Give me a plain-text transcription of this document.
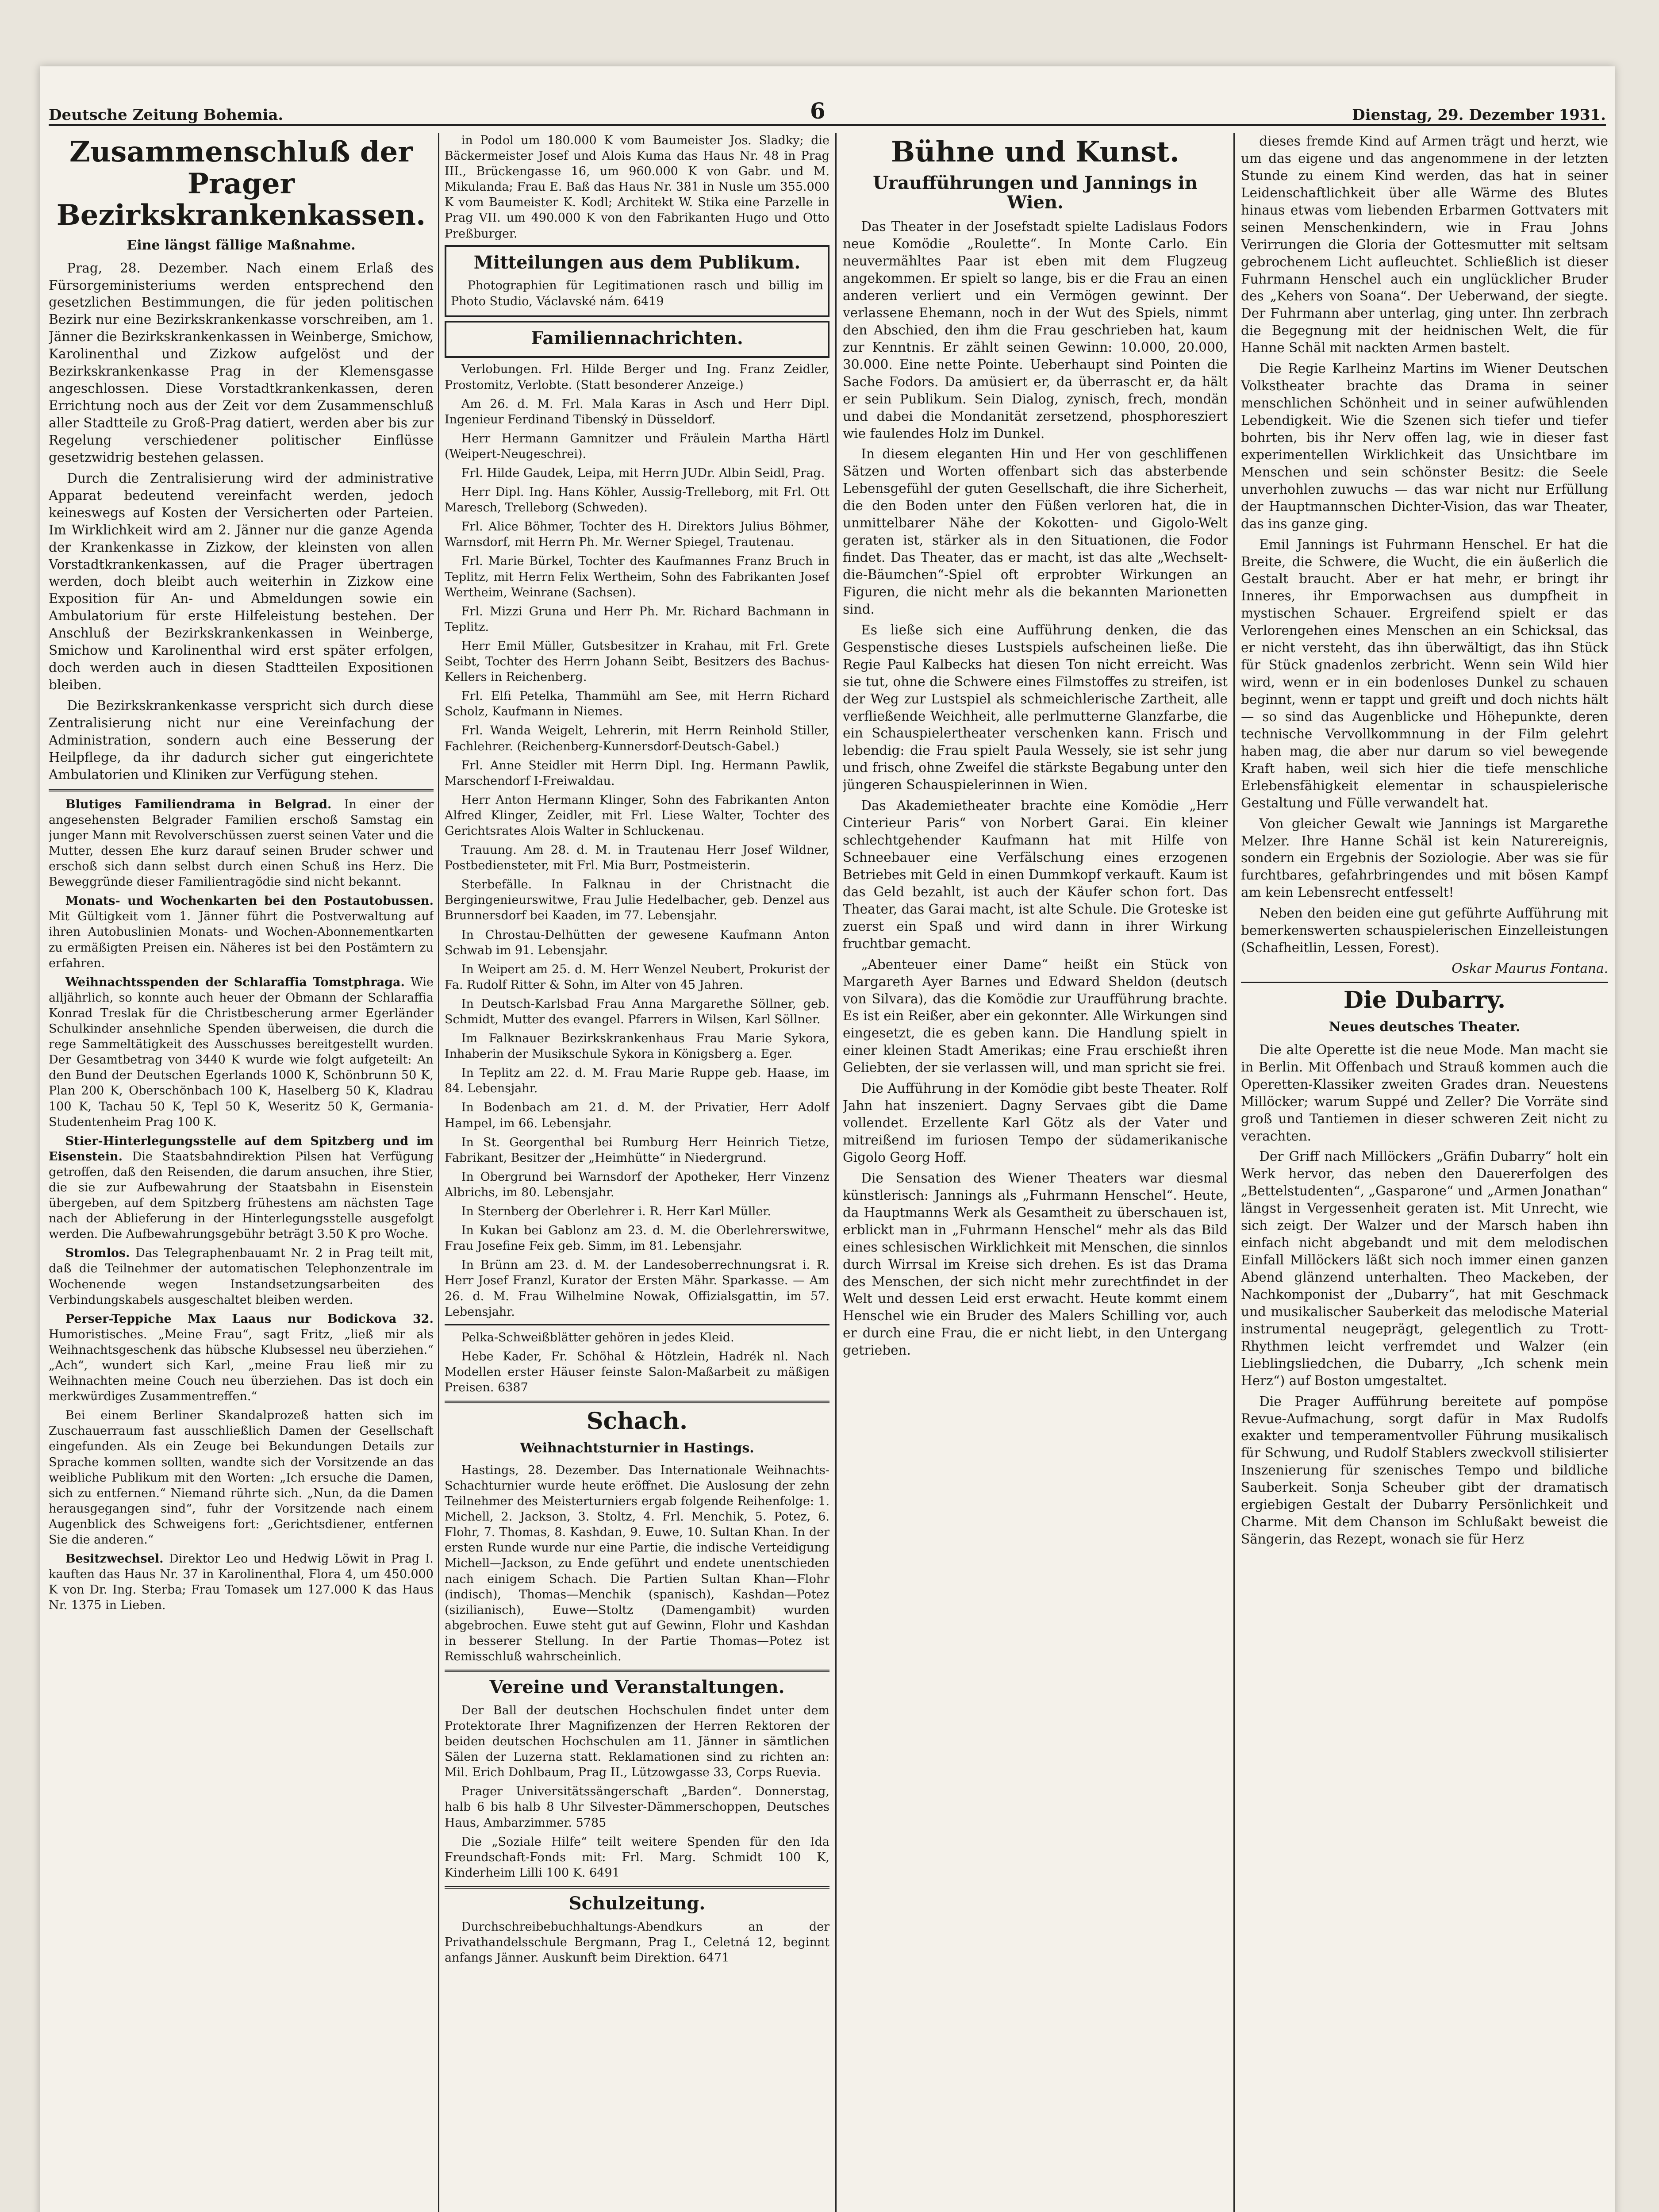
Deutsche Zeitung Bohemia.	6	Dienstag, 29. Dezember 1931.
Zusammenschluß der Prager Bezirkskrankenkassen.
Eine längst fällige Maßnahme.

Prag, 28. Dezember. Nach einem Erlaß des Fürsorgeministeriums werden entsprechend den gesetzlichen Bestimmungen, die für jeden politischen Bezirk nur eine Bezirkskrankenkasse vorschreiben, am 1. Jänner die Bezirkskrankenkassen in Weinberge, Smichow, Karolinenthal und Zizkow aufgelöst und der Bezirkskrankenkasse Prag in der Klemensgasse angeschlossen. Diese Vorstadtkrankenkassen, deren Errichtung noch aus der Zeit vor dem Zusammenschluß aller Stadtteile zu Groß-Prag datiert, werden aber bis zur Regelung verschiedener politischer Einflüsse gesetzwidrig bestehen gelassen.

Durch die Zentralisierung wird der administrative Apparat bedeutend vereinfacht werden, jedoch keineswegs auf Kosten der Versicherten oder Parteien. Im Wirklichkeit wird am 2. Jänner nur die ganze Agenda der Krankenkasse in Zizkow, der kleinsten von allen Vorstadtkrankenkassen, auf die Prager übertragen werden, doch bleibt auch weiterhin in Zizkow eine Exposition für An- und Abmeldungen sowie ein Ambulatorium für erste Hilfeleistung bestehen. Der Anschluß der Bezirkskrankenkassen in Weinberge, Smichow und Karolinenthal wird erst später erfolgen, doch werden auch in diesen Stadtteilen Expositionen bleiben.

Die Bezirkskrankenkasse verspricht sich durch diese Zentralisierung nicht nur eine Vereinfachung der Administration, sondern auch eine Besserung der Heilpflege, da ihr dadurch sicher gut eingerichtete Ambulatorien und Kliniken zur Verfügung stehen.

Blutiges Familiendrama in Belgrad. In einer der angesehensten Belgrader Familien erschoß Samstag ein junger Mann mit Revolverschüssen zuerst seinen Vater und die Mutter, dessen Ehe kurz darauf seinen Bruder schwer und erschoß sich dann selbst durch einen Schuß ins Herz. Die Beweggründe dieser Familientragödie sind nicht bekannt.

Monats- und Wochenkarten bei den Postautobussen. Mit Gültigkeit vom 1. Jänner führt die Postverwaltung auf ihren Autobuslinien Monats- und Wochen-Abonnementkarten zu ermäßigten Preisen ein. Näheres ist bei den Postämtern zu erfahren.

Weihnachtsspenden der Schlaraffia Tomstphraga. Wie alljährlich, so konnte auch heuer der Obmann der Schlaraffia Konrad Treslak für die Christbescherung armer Egerländer Schulkinder ansehnliche Spenden überweisen, die durch die rege Sammeltätigkeit des Ausschusses bereitgestellt wurden. Der Gesamtbetrag von 3440 K wurde wie folgt aufgeteilt: An den Bund der Deutschen Egerlands 1000 K, Schönbrunn 50 K, Plan 200 K, Oberschönbach 100 K, Haselberg 50 K, Kladrau 100 K, Tachau 50 K, Tepl 50 K, Weseritz 50 K, Germania-Studentenheim Prag 100 K.

Stier-Hinterlegungsstelle auf dem Spitzberg und im Eisenstein. Die Staatsbahndirektion Pilsen hat Verfügung getroffen, daß den Reisenden, die darum ansuchen, ihre Stier, die sie zur Aufbewahrung der Staatsbahn in Eisenstein übergeben, auf dem Spitzberg frühestens am nächsten Tage nach der Ablieferung in der Hinterlegungsstelle ausgefolgt werden. Die Aufbewahrungsgebühr beträgt 3.50 K pro Woche.

Stromlos. Das Telegraphenbauamt Nr. 2 in Prag teilt mit, daß die Teilnehmer der automatischen Telephonzentrale im Wochenende wegen Instandsetzungsarbeiten des Verbindungskabels ausgeschaltet bleiben werden.

Perser-Teppiche Max Laaus nur Bodickova 32. Humoristisches. „Meine Frau“, sagt Fritz, „ließ mir als Weihnachtsgeschenk das hübsche Klubsessel neu überziehen.“ „Ach“, wundert sich Karl, „meine Frau ließ mir zu Weihnachten meine Couch neu überziehen. Das ist doch ein merkwürdiges Zusammentreffen.“

Bei einem Berliner Skandalprozeß hatten sich im Zuschauerraum fast ausschließlich Damen der Gesellschaft eingefunden. Als ein Zeuge bei Bekundungen Details zur Sprache kommen sollten, wandte sich der Vorsitzende an das weibliche Publikum mit den Worten: „Ich ersuche die Damen, sich zu entfernen.“ Niemand rührte sich. „Nun, da die Damen herausgegangen sind“, fuhr der Vorsitzende nach einem Augenblick des Schweigens fort: „Gerichtsdiener, entfernen Sie die anderen.“

Besitzwechsel. Direktor Leo und Hedwig Löwit in Prag I. kauften das Haus Nr. 37 in Karolinenthal, Flora 4, um 450.000 K von Dr. Ing. Sterba; Frau Tomasek um 127.000 K das Haus Nr. 1375 in Lieben.

in Podol um 180.000 K vom Baumeister Jos. Sladky; die Bäckermeister Josef und Alois Kuma das Haus Nr. 48 in Prag III., Brückengasse 16, um 960.000 K von Gabr. und M. Mikulanda; Frau E. Baß das Haus Nr. 381 in Nusle um 355.000 K vom Baumeister K. Kodl; Architekt W. Stika eine Parzelle in Prag VII. um 490.000 K von den Fabrikanten Hugo und Otto Preßburger.

Mitteilungen aus dem Publikum.

Photographien für Legitimationen rasch und billig im Photo Studio, Václavské nám. 6419

Familiennachrichten.

Verlobungen. Frl. Hilde Berger und Ing. Franz Zeidler, Prostomitz, Verlobte. (Statt besonderer Anzeige.)

Am 26. d. M. Frl. Mala Karas in Asch und Herr Dipl. Ingenieur Ferdinand Tibenský in Düsseldorf.

Herr Hermann Gamnitzer und Fräulein Martha Härtl (Weipert-Neugeschrei).

Frl. Hilde Gaudek, Leipa, mit Herrn JUDr. Albin Seidl, Prag.

Herr Dipl. Ing. Hans Köhler, Aussig-Trelleborg, mit Frl. Ott Maresch, Trelleborg (Schweden).

Frl. Alice Böhmer, Tochter des H. Direktors Julius Böhmer, Warnsdorf, mit Herrn Ph. Mr. Werner Spiegel, Trautenau.

Frl. Marie Bürkel, Tochter des Kaufmannes Franz Bruch in Teplitz, mit Herrn Felix Wertheim, Sohn des Fabrikanten Josef Wertheim, Weinrane (Sachsen).

Frl. Mizzi Gruna und Herr Ph. Mr. Richard Bachmann in Teplitz.

Herr Emil Müller, Gutsbesitzer in Krahau, mit Frl. Grete Seibt, Tochter des Herrn Johann Seibt, Besitzers des Bachus-Kellers in Reichenberg.

Frl. Elfi Petelka, Thammühl am See, mit Herrn Richard Scholz, Kaufmann in Niemes.

Frl. Wanda Weigelt, Lehrerin, mit Herrn Reinhold Stiller, Fachlehrer. (Reichenberg-Kunnersdorf-Deutsch-Gabel.)

Frl. Anne Steidler mit Herrn Dipl. Ing. Hermann Pawlik, Marschendorf I-Freiwaldau.

Herr Anton Hermann Klinger, Sohn des Fabrikanten Anton Alfred Klinger, Zeidler, mit Frl. Liese Walter, Tochter des Gerichtsrates Alois Walter in Schluckenau.

Trauung. Am 28. d. M. in Trautenau Herr Josef Wildner, Postbediensteter, mit Frl. Mia Burr, Postmeisterin.

Sterbefälle. In Falknau in der Christnacht die Bergingenieurswitwe, Frau Julie Hedelbacher, geb. Denzel aus Brunnersdorf bei Kaaden, im 77. Lebensjahr.

In Chrostau-Delhütten der gewesene Kaufmann Anton Schwab im 91. Lebensjahr.

In Weipert am 25. d. M. Herr Wenzel Neubert, Prokurist der Fa. Rudolf Ritter & Sohn, im Alter von 45 Jahren.

In Deutsch-Karlsbad Frau Anna Margarethe Söllner, geb. Schmidt, Mutter des evangel. Pfarrers in Wilsen, Karl Söllner.

Im Falknauer Bezirkskrankenhaus Frau Marie Sykora, Inhaberin der Musikschule Sykora in Königsberg a. Eger.

In Teplitz am 22. d. M. Frau Marie Ruppe geb. Haase, im 84. Lebensjahr.

In Bodenbach am 21. d. M. der Privatier, Herr Adolf Hampel, im 66. Lebensjahr.

In St. Georgenthal bei Rumburg Herr Heinrich Tietze, Fabrikant, Besitzer der „Heimhütte“ in Niedergrund.

In Obergrund bei Warnsdorf der Apotheker, Herr Vinzenz Albrichs, im 80. Lebensjahr.

In Sternberg der Oberlehrer i. R. Herr Karl Müller.

In Kukan bei Gablonz am 23. d. M. die Oberlehrerswitwe, Frau Josefine Feix geb. Simm, im 81. Lebensjahr.

In Brünn am 23. d. M. der Landesoberrechnungsrat i. R. Herr Josef Franzl, Kurator der Ersten Mähr. Sparkasse. — Am 26. d. M. Frau Wilhelmine Nowak, Offizialsgattin, im 57. Lebensjahr.

Pelka-Schweißblätter gehören in jedes Kleid.

Hebe Kader, Fr. Schöhal & Hötzlein, Hadrék nl. Nach Modellen erster Häuser feinste Salon-Maßarbeit zu mäßigen Preisen. 6387

Schach.
Weihnachtsturnier in Hastings.

Hastings, 28. Dezember. Das Internationale Weihnachts-Schachturnier wurde heute eröffnet. Die Auslosung der zehn Teilnehmer des Meisterturniers ergab folgende Reihenfolge: 1. Michell, 2. Jackson, 3. Stoltz, 4. Frl. Menchik, 5. Potez, 6. Flohr, 7. Thomas, 8. Kashdan, 9. Euwe, 10. Sultan Khan. In der ersten Runde wurde nur eine Partie, die indische Verteidigung Michell—Jackson, zu Ende geführt und endete unentschieden nach einigem Schach. Die Partien Sultan Khan—Flohr (indisch), Thomas—Menchik (spanisch), Kashdan—Potez (sizilianisch), Euwe—Stoltz (Damengambit) wurden abgebrochen. Euwe steht gut auf Gewinn, Flohr und Kashdan in besserer Stellung. In der Partie Thomas—Potez ist Remisschluß wahrscheinlich.

Vereine und Veranstaltungen.

Der Ball der deutschen Hochschulen findet unter dem Protektorate Ihrer Magnifizenzen der Herren Rektoren der beiden deutschen Hochschulen am 11. Jänner in sämtlichen Sälen der Luzerna statt. Reklamationen sind zu richten an: Mil. Erich Dohlbaum, Prag II., Lützowgasse 33, Corps Ruevia.

Prager Universitätssängerschaft „Barden“. Donnerstag, halb 6 bis halb 8 Uhr Silvester-Dämmerschoppen, Deutsches Haus, Ambarzimmer. 5785

Die „Soziale Hilfe“ teilt weitere Spenden für den Ida Freundschaft-Fonds mit: Frl. Marg. Schmidt 100 K, Kinderheim Lilli 100 K. 6491

Schulzeitung.

Durchschreibebuchhaltungs-Abendkurs an der Privathandelsschule Bergmann, Prag I., Celetná 12, beginnt anfangs Jänner. Auskunft beim Direktion. 6471

Bühne und Kunst.
Uraufführungen und Jannings in Wien.

Das Theater in der Josefstadt spielte Ladislaus Fodors neue Komödie „Roulette“. In Monte Carlo. Ein neuvermähltes Paar ist eben mit dem Flugzeug angekommen. Er spielt so lange, bis er die Frau an einen anderen verliert und ein Vermögen gewinnt. Der verlassene Ehemann, noch in der Wut des Spiels, nimmt den Abschied, den ihm die Frau geschrieben hat, kaum zur Kenntnis. Er zählt seinen Gewinn: 10.000, 20.000, 30.000. Eine nette Pointe. Ueberhaupt sind Pointen die Sache Fodors. Da amüsiert er, da überrascht er, da hält er sein Publikum. Sein Dialog, zynisch, frech, mondän und dabei die Mondanität zersetzend, phosphoresziert wie faulendes Holz im Dunkel.

In diesem eleganten Hin und Her von geschliffenen Sätzen und Worten offenbart sich das absterbende Lebensgefühl der guten Gesellschaft, die ihre Sicherheit, die den Boden unter den Füßen verloren hat, die in unmittelbarer Nähe der Kokotten- und Gigolo-Welt geraten ist, stärker als in den Situationen, die Fodor findet. Das Theater, das er macht, ist das alte „Wechselt-die-Bäumchen“-Spiel oft erprobter Wirkungen an Figuren, die nicht mehr als die bekannten Marionetten sind.

Es ließe sich eine Aufführung denken, die das Gespenstische dieses Lustspiels aufscheinen ließe. Die Regie Paul Kalbecks hat diesen Ton nicht erreicht. Was sie tut, ohne die Schwere eines Filmstoffes zu streifen, ist der Weg zur Lustspiel als schmeichlerische Zartheit, alle verfließende Weichheit, alle perlmutterne Glanzfarbe, die ein Schauspielertheater verschenken kann. Frisch und lebendig: die Frau spielt Paula Wessely, sie ist sehr jung und frisch, ohne Zweifel die stärkste Begabung unter den jüngeren Schauspielerinnen in Wien.

Das Akademietheater brachte eine Komödie „Herr Cinterieur Paris“ von Norbert Garai. Ein kleiner schlechtgehender Kaufmann hat mit Hilfe von Schneebauer eine Verfälschung eines erzogenen Betriebes mit Geld in einen Dummkopf verkauft. Kaum ist das Geld bezahlt, ist auch der Käufer schon fort. Das Theater, das Garai macht, ist alte Schule. Die Groteske ist zuerst ein Spaß und wird dann in ihrer Wirkung fruchtbar gemacht.

„Abenteuer einer Dame“ heißt ein Stück von Margareth Ayer Barnes und Edward Sheldon (deutsch von Silvara), das die Komödie zur Uraufführung brachte. Es ist ein Reißer, aber ein gekonnter. Alle Wirkungen sind eingesetzt, die es geben kann. Die Handlung spielt in einer kleinen Stadt Amerikas; eine Frau erschießt ihren Geliebten, der sie verlassen will, und man spricht sie frei.

Die Aufführung in der Komödie gibt beste Theater. Rolf Jahn hat inszeniert. Dagny Servaes gibt die Dame vollendet. Erzellente Karl Götz als der Vater und mitreißend im furiosen Tempo der südamerikanische Gigolo Georg Hoff.

Die Sensation des Wiener Theaters war diesmal künstlerisch: Jannings als „Fuhrmann Henschel“. Heute, da Hauptmanns Werk als Gesamtheit zu überschauen ist, erblickt man in „Fuhrmann Henschel“ mehr als das Bild eines schlesischen Wirklichkeit mit Menschen, die sinnlos durch Wirrsal im Kreise sich drehen. Es ist das Drama des Menschen, der sich nicht mehr zurechtfindet in der Welt und dessen Leid erst erwacht. Heute kommt einem Henschel wie ein Bruder des Malers Schilling vor, auch er durch eine Frau, die er nicht liebt, in den Untergang getrieben.

dieses fremde Kind auf Armen trägt und herzt, wie um das eigene und das angenommene in der letzten Stunde zu einem Kind werden, das hat in seiner Leidenschaftlichkeit über alle Wärme des Blutes hinaus etwas vom liebenden Erbarmen Gottvaters mit seinen Menschenkindern, wie in Frau Johns Verirrungen die Gloria der Gottesmutter mit seltsam gebrochenem Licht aufleuchtet. Schließlich ist dieser Fuhrmann Henschel auch ein unglücklicher Bruder des „Kehers von Soana“. Der Ueberwand, der siegte. Der Fuhrmann aber unterlag, ging unter. Ihn zerbrach die Begegnung mit der heidnischen Welt, die für Hanne Schäl mit nackten Armen bastelt.

Die Regie Karlheinz Martins im Wiener Deutschen Volkstheater brachte das Drama in seiner menschlichen Schönheit und in seiner aufwühlenden Lebendigkeit. Wie die Szenen sich tiefer und tiefer bohrten, bis ihr Nerv offen lag, wie in dieser fast experimentellen Wirklichkeit das Unsichtbare im Menschen und sein schönster Besitz: die Seele unverhohlen zuwuchs — das war nicht nur Erfüllung der Hauptmannschen Dichter-Vision, das war Theater, das ins ganze ging.

Emil Jannings ist Fuhrmann Henschel. Er hat die Breite, die Schwere, die Wucht, die ein äußerlich die Gestalt braucht. Aber er hat mehr, er bringt ihr Inneres, ihr Emporwachsen aus dumpfheit in mystischen Schauer. Ergreifend spielt er das Verlorengehen eines Menschen an ein Schicksal, das er nicht versteht, das ihn überwältigt, das ihn Stück für Stück gnadenlos zerbricht. Wenn sein Wild hier wird, wenn er in ein bodenloses Dunkel zu schauen beginnt, wenn er tappt und greift und doch nichts hält — so sind das Augenblicke und Höhepunkte, deren technische Vervollkommnung in der Film gelehrt haben mag, die aber nur darum so viel bewegende Kraft haben, weil sich hier die tiefe menschliche Erlebensfähigkeit elementar in schauspielerische Gestaltung und Fülle verwandelt hat.

Von gleicher Gewalt wie Jannings ist Margarethe Melzer. Ihre Hanne Schäl ist kein Naturereignis, sondern ein Ergebnis der Soziologie. Aber was sie für furchtbares, gefahrbringendes und mit bösen Kampf am kein Lebensrecht entfesselt!

Neben den beiden eine gut geführte Aufführung mit bemerkenswerten schauspielerischen Einzelleistungen (Schafheitlin, Lessen, Forest).

Oskar Maurus Fontana.
Die Dubarry.
Neues deutsches Theater.

Die alte Operette ist die neue Mode. Man macht sie in Berlin. Mit Offenbach und Strauß kommen auch die Operetten-Klassiker zweiten Grades dran. Neuestens Millöcker; warum Suppé und Zeller? Die Vorräte sind groß und Tantiemen in dieser schweren Zeit nicht zu verachten.

Der Griff nach Millöckers „Gräfin Dubarry“ holt ein Werk hervor, das neben den Dauererfolgen des „Bettelstudenten“, „Gasparone“ und „Armen Jonathan“ längst in Vergessenheit geraten ist. Mit Unrecht, wie sich zeigt. Der Walzer und der Marsch haben ihn einfach nicht abgebandt und mit dem melodischen Einfall Millöckers läßt sich noch immer einen ganzen Abend glänzend unterhalten. Theo Mackeben, der Nachkomponist der „Dubarry“, hat mit Geschmack und musikalischer Sauberkeit das melodische Material instrumental neugeprägt, gelegentlich zu Trott-Rhythmen leicht verfremdet und Walzer (ein Lieblingsliedchen, die Dubarry, „Ich schenk mein Herz“) auf Boston umgestaltet.

Die Prager Aufführung bereitete auf pompöse Revue-Aufmachung, sorgt dafür in Max Rudolfs exakter und temperamentvoller Führung musikalisch für Schwung, und Rudolf Stablers zweckvoll stilisierter Inszenierung für szenisches Tempo und bildliche Sauberkeit. Sonja Scheuber gibt der dramatisch ergiebigen Gestalt der Dubarry Persönlichkeit und Charme. Mit dem Chanson im Schlußakt beweist die Sängerin, das Rezept, wonach sie für Herz
